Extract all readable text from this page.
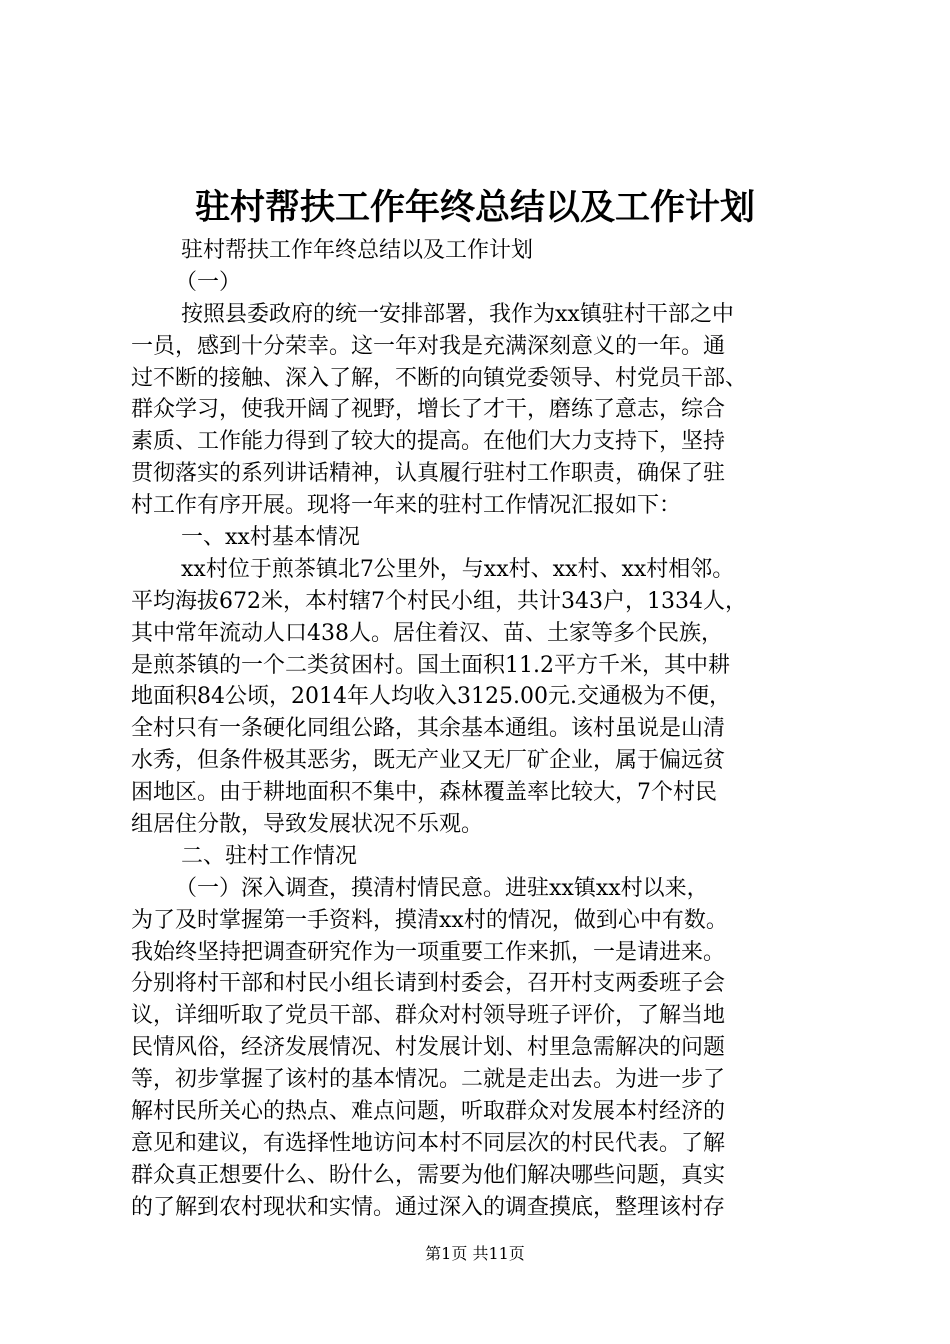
驻村帮扶工作年终总结以及工作计划
驻村帮扶工作年终总结以及工作计划
（一）
按照县委政府的统一安排部署，我作为xx镇驻村干部之中
一员，感到十分荣幸。这一年对我是充满深刻意义的一年。通
过不断的接触、深入了解，不断的向镇党委领导、村党员干部、
群众学习，使我开阔了视野，增长了才干，磨练了意志，综合
素质、工作能力得到了较大的提高。在他们大力支持下，坚持
贯彻落实的系列讲话精神，认真履行驻村工作职责，确保了驻
村工作有序开展。现将一年来的驻村工作情况汇报如下：
一、xx村基本情况
xx村位于煎茶镇北7公里外，与xx村、xx村、xx村相邻。
平均海拔672米，本村辖7个村民小组，共计343户，1334人，
其中常年流动人口438人。居住着汉、苗、土家等多个民族，
是煎茶镇的一个二类贫困村。国土面积11.2平方千米，其中耕
地面积84公顷，2014年人均收入3125.00元.交通极为不便，
全村只有一条硬化同组公路，其余基本通组。该村虽说是山清
水秀，但条件极其恶劣，既无产业又无厂矿企业，属于偏远贫
困地区。由于耕地面积不集中，森林覆盖率比较大，7个村民
组居住分散，导致发展状况不乐观。
二、驻村工作情况
（一）深入调查，摸清村情民意。进驻xx镇xx村以来，
为了及时掌握第一手资料，摸清xx村的情况，做到心中有数。
我始终坚持把调查研究作为一项重要工作来抓，一是请进来。
分别将村干部和村民小组长请到村委会，召开村支两委班子会
议，详细听取了党员干部、群众对村领导班子评价，了解当地
民情风俗，经济发展情况、村发展计划、村里急需解决的问题
等，初步掌握了该村的基本情况。二就是走出去。为进一步了
解村民所关心的热点、难点问题，听取群众对发展本村经济的
意见和建议，有选择性地访问本村不同层次的村民代表。了解
群众真正想要什么、盼什么，需要为他们解决哪些问题，真实
的了解到农村现状和实情。通过深入的调查摸底，整理该村存
第1页 共11页
